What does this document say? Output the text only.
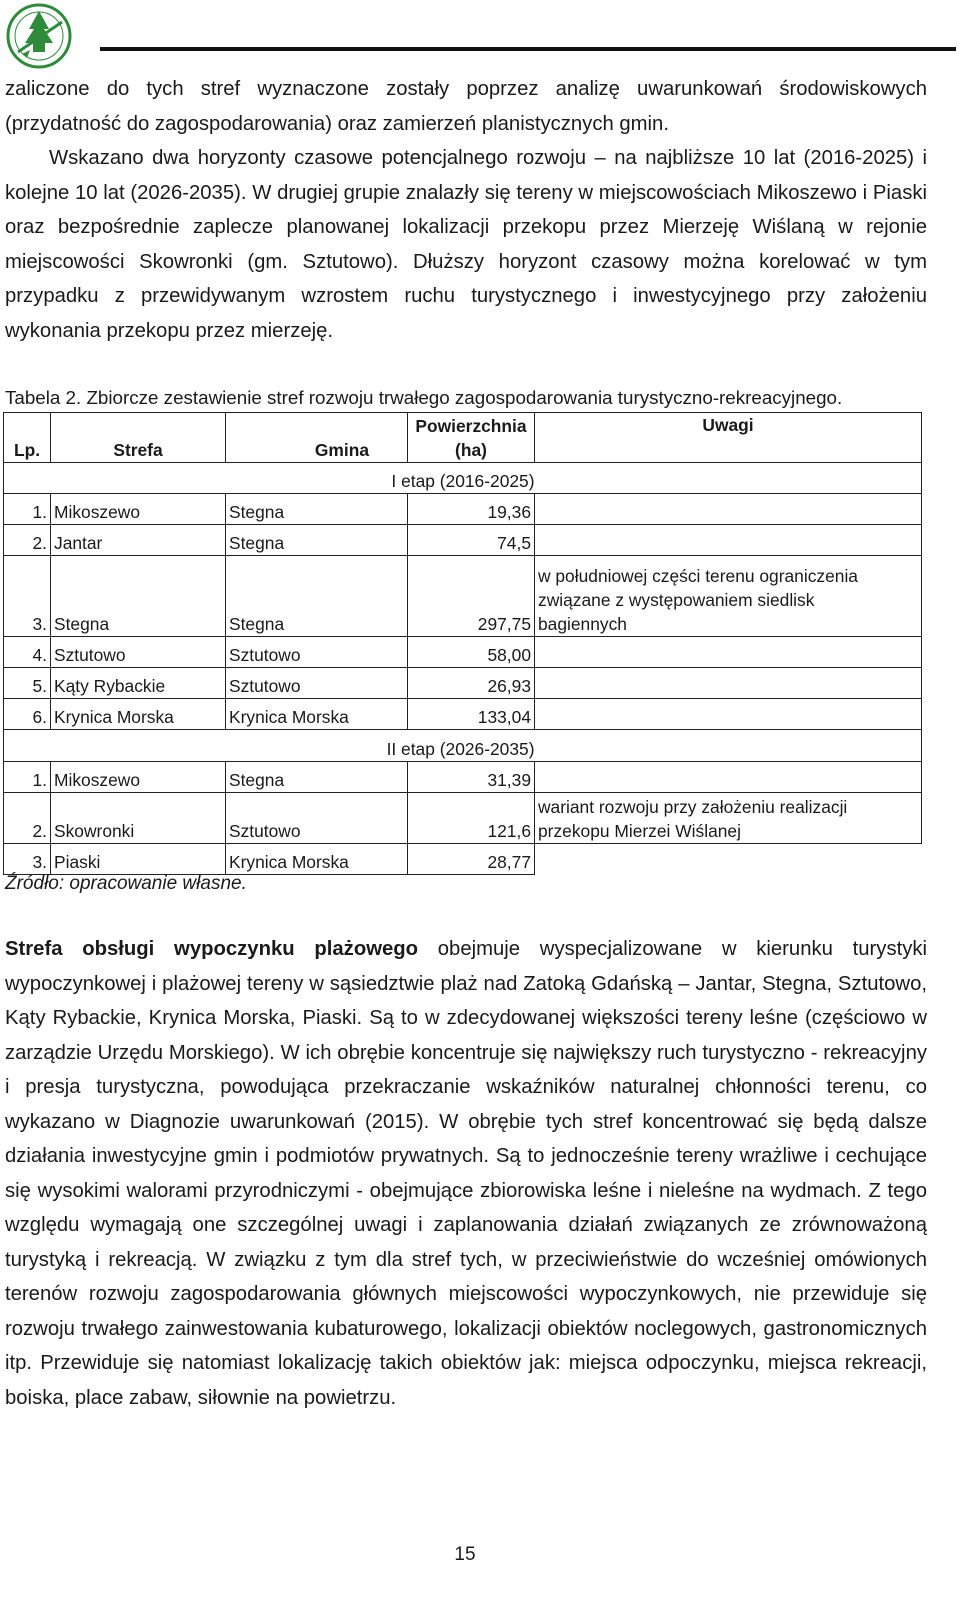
zaliczone do tych stref wyznaczone zostały poprzez analizę uwarunkowań środowiskowych (przydatność do zagospodarowania) oraz zamierzeń planistycznych gmin.
Wskazano dwa horyzonty czasowe potencjalnego rozwoju – na najbliższe 10 lat (2016-2025) i kolejne 10 lat (2026-2035). W drugiej grupie znalazły się tereny w miejscowościach Mikoszewo i Piaski oraz bezpośrednie zaplecze planowanej lokalizacji przekopu przez Mierzeję Wiślaną w rejonie miejscowości Skowronki (gm. Sztutowo). Dłuższy horyzont czasowy można korelować w tym przypadku z przewidywanym wzrostem ruchu turystycznego i inwestycyjnego przy założeniu wykonania przekopu przez mierzeję.

Tabela 2. Zbiorcze zestawienie stref rozwoju trwałego zagospodarowania turystyczno-rekreacyjnego.

Lp.	Strefa	Gmina	Powierzchnia (ha)	Uwagi
I etap (2016-2025)				
1.	Mikoszewo	Stegna	19,36	
2.	Jantar	Stegna	74,5	
3.	Stegna	Stegna	297,75	w południowej części terenu ograniczenia związane z występowaniem siedlisk bagiennych
4.	Sztutowo	Sztutowo	58,00	
5.	Kąty Rybackie	Sztutowo	26,93	
6.	Krynica Morska	Krynica Morska	133,04	
II etap (2026-2035)				
1.	Mikoszewo	Stegna	31,39	
2.	Skowronki	Sztutowo	121,6	wariant rozwoju przy założeniu realizacji przekopu Mierzei Wiślanej
3.	Piaski	Krynica Morska	28,77	

Źródło: opracowanie własne.

Strefa obsługi wypoczynku plażowego obejmuje wyspecjalizowane w kierunku turystyki wypoczynkowej i plażowej tereny w sąsiedztwie plaż nad Zatoką Gdańską – Jantar, Stegna, Sztutowo, Kąty Rybackie, Krynica Morska, Piaski. Są to w zdecydowanej większości tereny leśne (częściowo w zarządzie Urzędu Morskiego). W ich obrębie koncentruje się największy ruch turystyczno - rekreacyjny i presja turystyczna, powodująca przekraczanie wskaźników naturalnej chłonności terenu, co wykazano w Diagnozie uwarunkowań (2015). W obrębie tych stref koncentrować się będą dalsze działania inwestycyjne gmin i podmiotów prywatnych. Są to jednocześnie tereny wrażliwe i cechujące się wysokimi walorami przyrodniczymi - obejmujące zbiorowiska leśne i nieleśne na wydmach. Z tego względu wymagają one szczególnej uwagi i zaplanowania działań związanych ze zrównoważoną turystyką i rekreacją. W związku z tym dla stref tych, w przeciwieństwie do wcześniej omówionych terenów rozwoju zagospodarowania głównych miejscowości wypoczynkowych, nie przewiduje się rozwoju trwałego zainwestowania kubaturowego, lokalizacji obiektów noclegowych, gastronomicznych itp. Przewiduje się natomiast lokalizację takich obiektów jak: miejsca odpoczynku, miejsca rekreacji, boiska, place zabaw, siłownie na powietrzu.

15
